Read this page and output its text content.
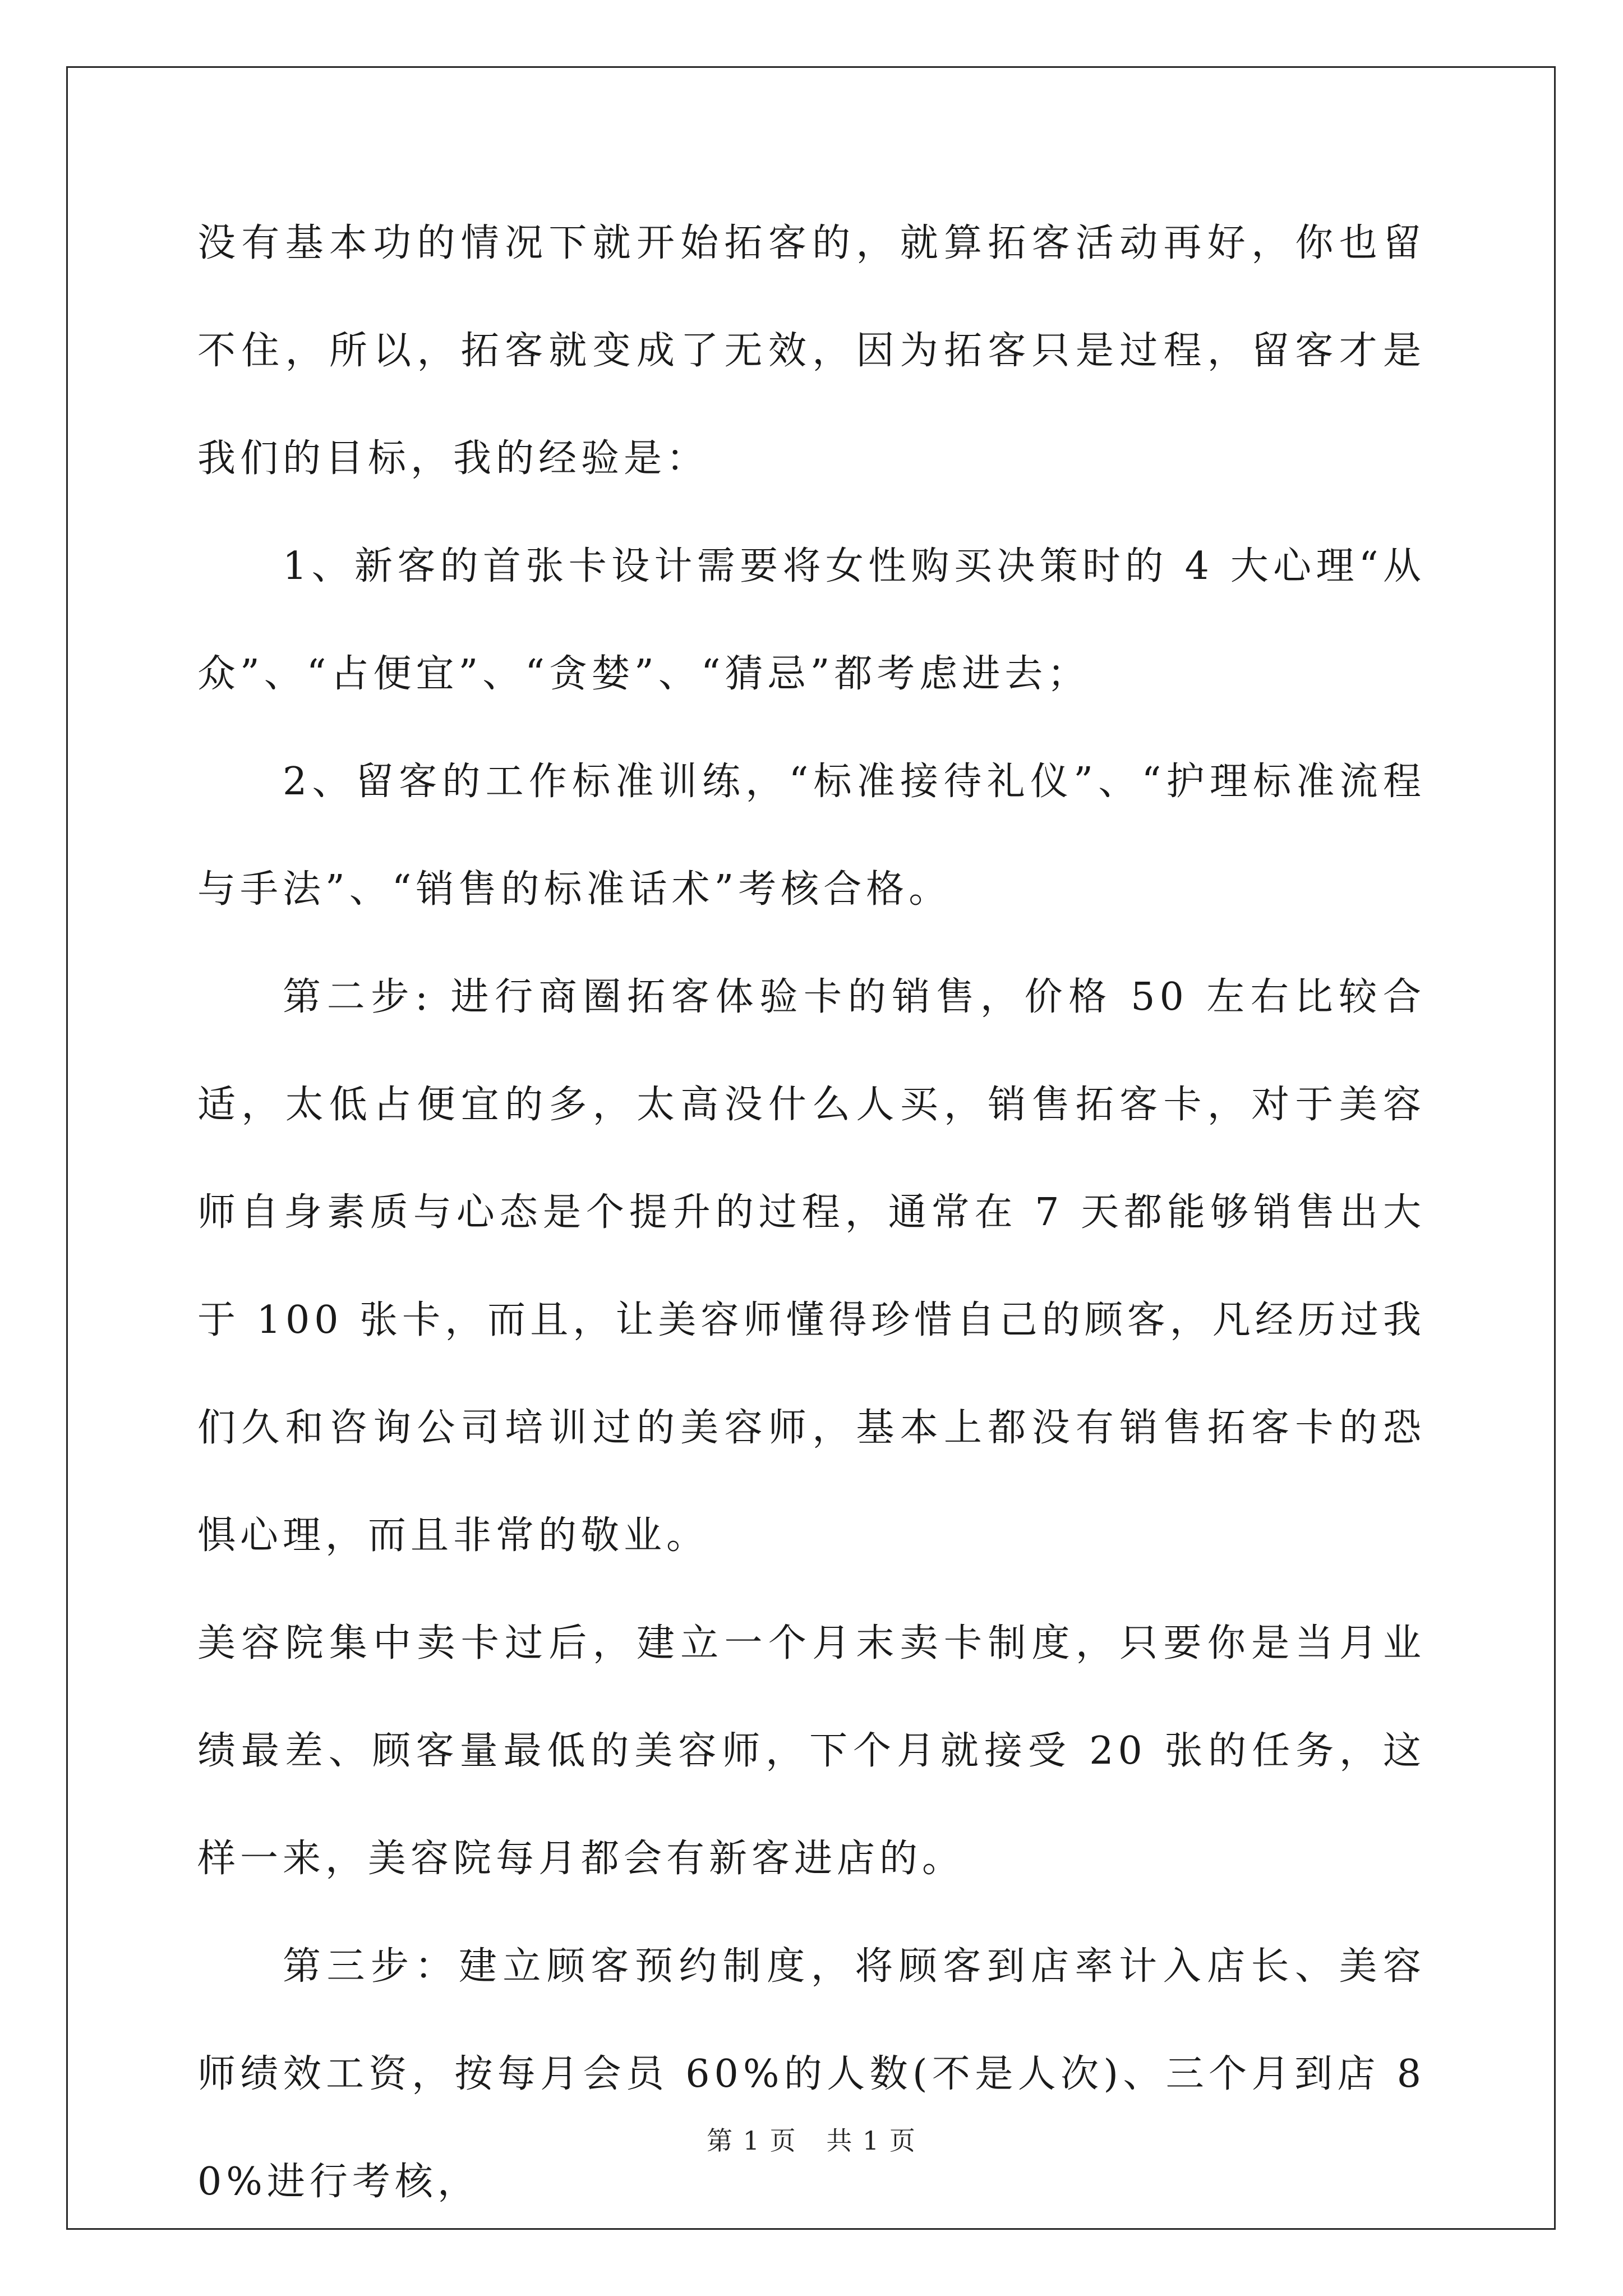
没有基本功的情况下就开始拓客的，就算拓客活动再好，你也留不住，所以，拓客就变成了无效，因为拓客只是过程，留客才是我们的目标，我的经验是：

1、新客的首张卡设计需要将女性购买决策时的 4 大心理“从众”、“占便宜”、“贪婪”、“猜忌”都考虑进去；

2、留客的工作标准训练，“标准接待礼仪”、“护理标准流程与手法”、“销售的标准话术”考核合格。

第二步: 进行商圈拓客体验卡的销售，价格 50 左右比较合适，太低占便宜的多，太高没什么人买，销售拓客卡，对于美容师自身素质与心态是个提升的过程，通常在 7 天都能够销售出大于 100 张卡，而且，让美容师懂得珍惜自己的顾客，凡经历过我们久和咨询公司培训过的美容师，基本上都没有销售拓客卡的恐惧心理，而且非常的敬业。

美容院集中卖卡过后，建立一个月末卖卡制度，只要你是当月业绩最差、顾客量最低的美容师，下个月就接受 20 张的任务，这样一来，美容院每月都会有新客进店的。

第三步：建立顾客预约制度，将顾客到店率计入店长、美容师绩效工资，按每月会员 60%的人数(不是人次)、三个月到店 80%进行考核，

第 1 页 共 1 页
